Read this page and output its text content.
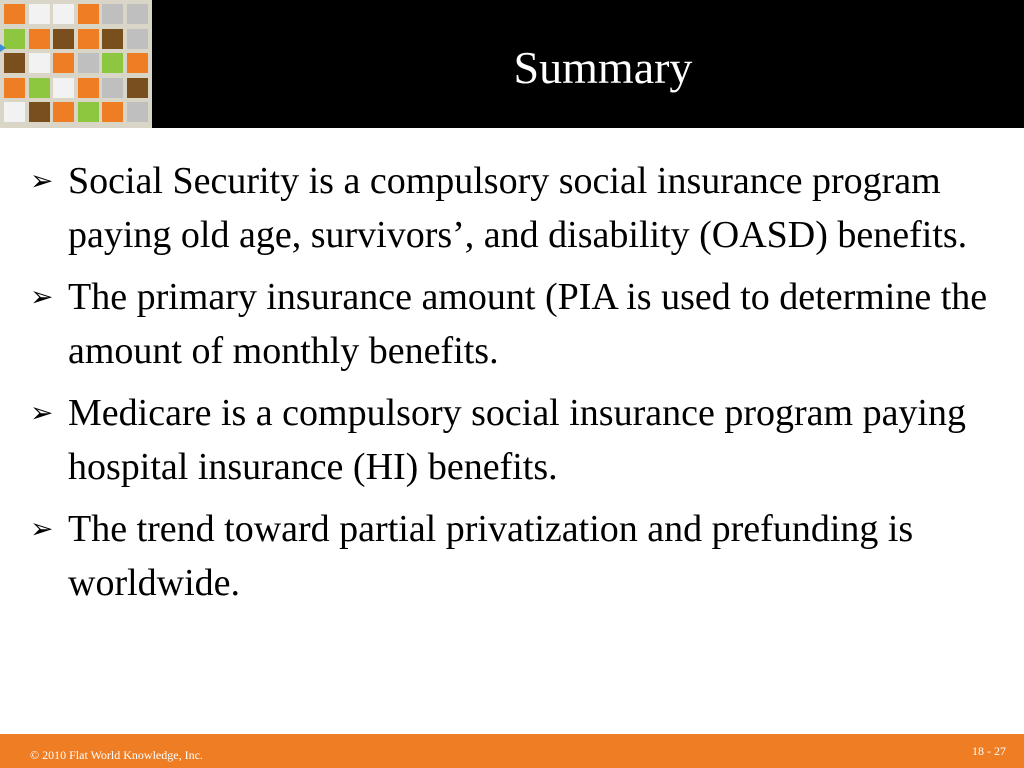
Summary
➢ Social Security is a compulsory social insurance program paying old age, survivors’, and disability (OASD) benefits.
➢ The primary insurance amount (PIA is used to determine the amount of monthly benefits.
➢ Medicare is a compulsory social insurance program paying hospital insurance (HI) benefits.
➢ The trend toward partial privatization and prefunding is worldwide.
© 2010 Flat World Knowledge, Inc.	18 - 27
